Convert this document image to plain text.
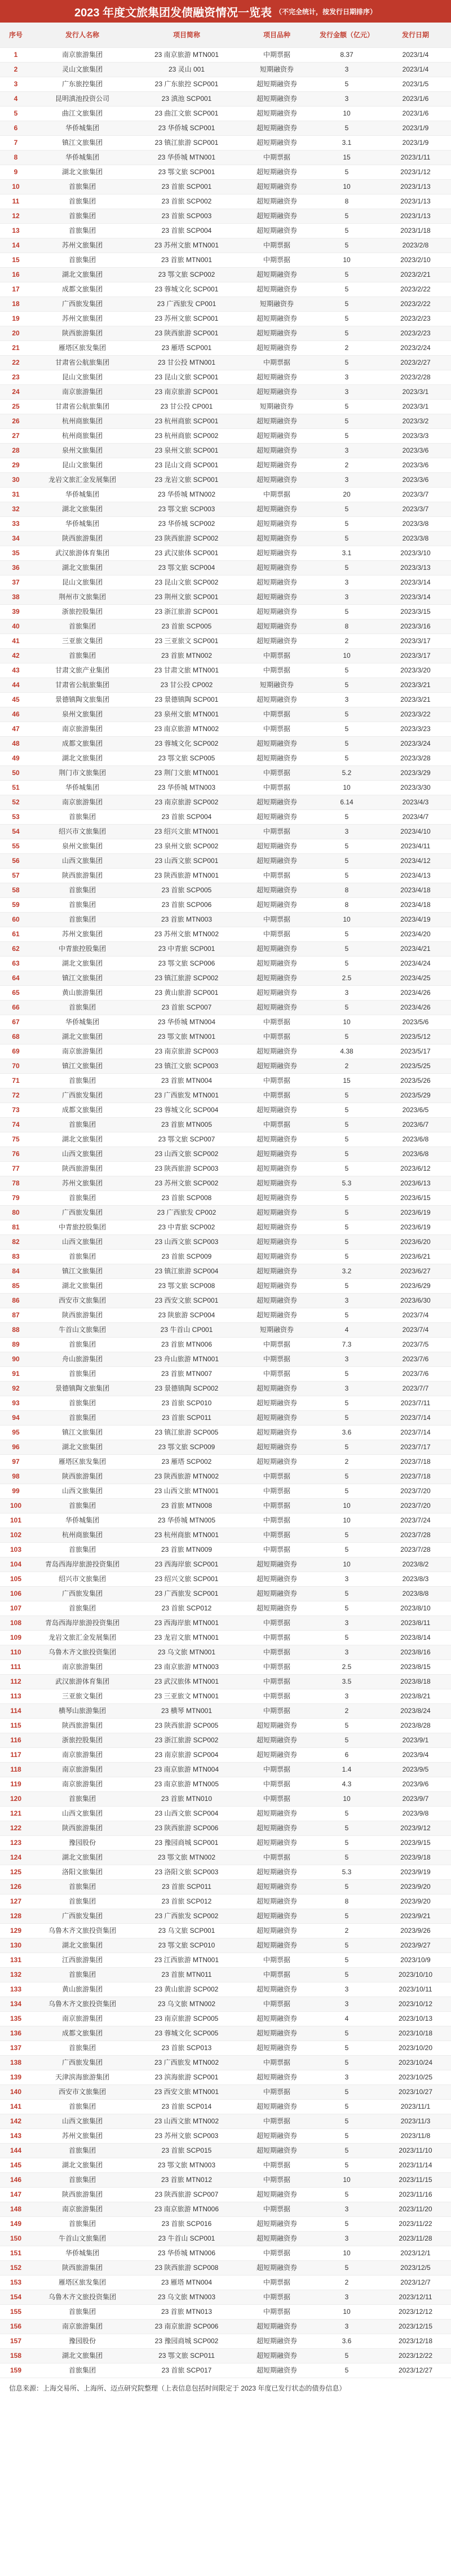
2023 年度文旅集团发债融资情况一览表 （不完全统计，按发行日期排序）
序号	发行人名称	项目简称	项目品种	发行金额（亿元）	发行日期
1	南京旅游集团	23 南京旅游 MTN001	中期票据	8.37	2023/1/4
2	灵山文旅集团	23 灵山 001	短期融资券	3	2023/1/4
3	广东旅控集团	23 广东旅控 SCP001	超短期融资券	5	2023/1/5
4	昆明滇池投资公司	23 滇池 SCP001	超短期融资券	3	2023/1/6
5	曲江文旅集团	23 曲江文旅 SCP001	超短期融资券	10	2023/1/6
6	华侨城集团	23 华侨城 SCP001	超短期融资券	5	2023/1/9
7	镇江文旅集团	23 镇江旅游 SCP001	超短期融资券	3.1	2023/1/9
8	华侨城集团	23 华侨城 MTN001	中期票据	15	2023/1/11
9	湖北文旅集团	23 鄂文旅 SCP001	超短期融资券	5	2023/1/12
10	首旅集团	23 首旅 SCP001	超短期融资券	10	2023/1/13
11	首旅集团	23 首旅 SCP002	超短期融资券	8	2023/1/13
12	首旅集团	23 首旅 SCP003	超短期融资券	5	2023/1/13
13	首旅集团	23 首旅 SCP004	超短期融资券	5	2023/1/18
14	苏州文旅集团	23 苏州文旅 MTN001	中期票据	5	2023/2/8
15	首旅集团	23 首旅 MTN001	中期票据	10	2023/2/10
16	湖北文旅集团	23 鄂文旅 SCP002	超短期融资券	5	2023/2/21
17	成都文旅集团	23 蓉城文化 SCP001	超短期融资券	5	2023/2/22
18	广西旅发集团	23 广西旅发 CP001	短期融资券	5	2023/2/22
19	苏州文旅集团	23 苏州文旅 SCP001	超短期融资券	5	2023/2/23
20	陕西旅游集团	23 陕西旅游 SCP001	超短期融资券	5	2023/2/23
21	雁塔区旅发集团	23 雁塔 SCP001	超短期融资券	2	2023/2/24
22	甘肃省公航旅集团	23 甘公投 MTN001	中期票据	5	2023/2/27
23	昆山文旅集团	23 昆山文旅 SCP001	超短期融资券	3	2023/2/28
24	南京旅游集团	23 南京旅游 SCP001	超短期融资券	3	2023/3/1
25	甘肃省公航旅集团	23 甘公投 CP001	短期融资券	5	2023/3/1
26	杭州商旅集团	23 杭州商旅 SCP001	超短期融资券	5	2023/3/2
27	杭州商旅集团	23 杭州商旅 SCP002	超短期融资券	5	2023/3/3
28	泉州文旅集团	23 泉州文旅 SCP001	超短期融资券	3	2023/3/6
29	昆山文旅集团	23 昆山文商 SCP001	超短期融资券	2	2023/3/6
30	龙岩文旅汇金发展集团	23 龙岩文旅 SCP001	超短期融资券	3	2023/3/6
31	华侨城集团	23 华侨城 MTN002	中期票据	20	2023/3/7
32	湖北文旅集团	23 鄂文旅 SCP003	超短期融资券	5	2023/3/7
33	华侨城集团	23 华侨城 SCP002	超短期融资券	5	2023/3/8
34	陕西旅游集团	23 陕西旅游 SCP002	超短期融资券	5	2023/3/8
35	武汉旅游体育集团	23 武汉旅体 SCP001	超短期融资券	3.1	2023/3/10
36	湖北文旅集团	23 鄂文旅 SCP004	超短期融资券	5	2023/3/13
37	昆山文旅集团	23 昆山文旅 SCP002	超短期融资券	3	2023/3/14
38	荆州市文旅集团	23 荆州文旅 SCP001	超短期融资券	3	2023/3/14
39	浙旅控股集团	23 浙江旅游 SCP001	超短期融资券	5	2023/3/15
40	首旅集团	23 首旅 SCP005	超短期融资券	8	2023/3/16
41	三亚旅文集团	23 三亚旅文 SCP001	超短期融资券	2	2023/3/17
42	首旅集团	23 首旅 MTN002	中期票据	10	2023/3/17
43	甘肃文旅产业集团	23 甘肃文旅 MTN001	中期票据	5	2023/3/20
44	甘肃省公航旅集团	23 甘公投 CP002	短期融资券	5	2023/3/21
45	景德镇陶文旅集团	23 景德镇陶 SCP001	超短期融资券	3	2023/3/21
46	泉州文旅集团	23 泉州文旅 MTN001	中期票据	5	2023/3/22
47	南京旅游集团	23 南京旅游 MTN002	中期票据	5	2023/3/23
48	成都文旅集团	23 蓉城文化 SCP002	超短期融资券	5	2023/3/24
49	湖北文旅集团	23 鄂文旅 SCP005	超短期融资券	5	2023/3/28
50	荆门市文旅集团	23 荆门文旅 MTN001	中期票据	5.2	2023/3/29
51	华侨城集团	23 华侨城 MTN003	中期票据	10	2023/3/30
52	南京旅游集团	23 南京旅游 SCP002	超短期融资券	6.14	2023/4/3
53	首旅集团	23 首旅 SCP004	超短期融资券	5	2023/4/7
54	绍兴市文旅集团	23 绍兴文旅 MTN001	中期票据	3	2023/4/10
55	泉州文旅集团	23 泉州文旅 SCP002	超短期融资券	5	2023/4/11
56	山西文旅集团	23 山西文旅 SCP001	超短期融资券	5	2023/4/12
57	陕西旅游集团	23 陕西旅游 MTN001	中期票据	5	2023/4/13
58	首旅集团	23 首旅 SCP005	超短期融资券	8	2023/4/18
59	首旅集团	23 首旅 SCP006	超短期融资券	8	2023/4/18
60	首旅集团	23 首旅 MTN003	中期票据	10	2023/4/19
61	苏州文旅集团	23 苏州文旅 MTN002	中期票据	5	2023/4/20
62	中青旅控股集团	23 中青旅 SCP001	超短期融资券	5	2023/4/21
63	湖北文旅集团	23 鄂文旅 SCP006	超短期融资券	5	2023/4/24
64	镇江文旅集团	23 镇江旅游 SCP002	超短期融资券	2.5	2023/4/25
65	黄山旅游集团	23 黄山旅游 SCP001	超短期融资券	3	2023/4/26
66	首旅集团	23 首旅 SCP007	超短期融资券	5	2023/4/26
67	华侨城集团	23 华侨城 MTN004	中期票据	10	2023/5/6
68	湖北文旅集团	23 鄂文旅 MTN001	中期票据	5	2023/5/12
69	南京旅游集团	23 南京旅游 SCP003	超短期融资券	4.38	2023/5/17
70	镇江文旅集团	23 镇江文旅 SCP003	超短期融资券	2	2023/5/25
71	首旅集团	23 首旅 MTN004	中期票据	15	2023/5/26
72	广西旅发集团	23 广西旅发 MTN001	中期票据	5	2023/5/29
73	成都文旅集团	23 蓉城文化 SCP004	超短期融资券	5	2023/6/5
74	首旅集团	23 首旅 MTN005	中期票据	5	2023/6/7
75	湖北文旅集团	23 鄂文旅 SCP007	超短期融资券	5	2023/6/8
76	山西文旅集团	23 山西文旅 SCP002	超短期融资券	5	2023/6/8
77	陕西旅游集团	23 陕西旅游 SCP003	超短期融资券	5	2023/6/12
78	苏州文旅集团	23 苏州文旅 SCP002	超短期融资券	5.3	2023/6/13
79	首旅集团	23 首旅 SCP008	超短期融资券	5	2023/6/15
80	广西旅发集团	23 广西旅发 CP002	超短期融资券	5	2023/6/19
81	中青旅控股集团	23 中青旅 SCP002	超短期融资券	5	2023/6/19
82	山西文旅集团	23 山西文旅 SCP003	超短期融资券	5	2023/6/20
83	首旅集团	23 首旅 SCP009	超短期融资券	5	2023/6/21
84	镇江文旅集团	23 镇江旅游 SCP004	超短期融资券	3.2	2023/6/27
85	湖北文旅集团	23 鄂文旅 SCP008	超短期融资券	5	2023/6/29
86	西安市文旅集团	23 西安文旅 SCP001	超短期融资券	3	2023/6/30
87	陕西旅游集团	23 陕旅游 SCP004	超短期融资券	5	2023/7/4
88	牛首山文旅集团	23 牛首山 CP001	短期融资券	4	2023/7/4
89	首旅集团	23 首旅 MTN006	中期票据	7.3	2023/7/5
90	舟山旅游集团	23 舟山旅游 MTN001	中期票据	3	2023/7/6
91	首旅集团	23 首旅 MTN007	中期票据	5	2023/7/6
92	景德镇陶文旅集团	23 景德镇陶 SCP002	超短期融资券	3	2023/7/7
93	首旅集团	23 首旅 SCP010	超短期融资券	5	2023/7/11
94	首旅集团	23 首旅 SCP011	超短期融资券	5	2023/7/14
95	镇江文旅集团	23 镇江旅游 SCP005	超短期融资券	3.6	2023/7/14
96	湖北文旅集团	23 鄂文旅 SCP009	超短期融资券	5	2023/7/17
97	雁塔区旅发集团	23 雁塔 SCP002	超短期融资券	2	2023/7/18
98	陕西旅游集团	23 陕西旅游 MTN002	中期票据	5	2023/7/18
99	山西文旅集团	23 山西文旅 MTN001	中期票据	5	2023/7/20
100	首旅集团	23 首旅 MTN008	中期票据	10	2023/7/20
101	华侨城集团	23 华侨城 MTN005	中期票据	10	2023/7/24
102	杭州商旅集团	23 杭州商旅 MTN001	中期票据	5	2023/7/28
103	首旅集团	23 首旅 MTN009	中期票据	5	2023/7/28
104	青岛西海岸旅游投资集团	23 西海岸旅 SCP001	超短期融资券	10	2023/8/2
105	绍兴市文旅集团	23 绍兴文旅 SCP001	超短期融资券	3	2023/8/3
106	广西旅发集团	23 广西旅发 SCP001	超短期融资券	5	2023/8/8
107	首旅集团	23 首旅 SCP012	超短期融资券	5	2023/8/10
108	青岛西海岸旅游投资集团	23 西海岸旅 MTN001	中期票据	3	2023/8/11
109	龙岩文旅汇金发展集团	23 龙岩文旅 MTN001	中期票据	5	2023/8/14
110	乌鲁木齐文旅投资集团	23 乌文旅 MTN001	中期票据	3	2023/8/16
111	南京旅游集团	23 南京旅游 MTN003	中期票据	2.5	2023/8/15
112	武汉旅游体育集团	23 武汉旅体 MTN001	中期票据	3.5	2023/8/18
113	三亚旅文集团	23 三亚旅文 MTN001	中期票据	3	2023/8/21
114	横琴山旅游集团	23 横琴 MTN001	中期票据	2	2023/8/24
115	陕西旅游集团	23 陕西旅游 SCP005	超短期融资券	5	2023/8/28
116	浙旅控股集团	23 浙江旅游 SCP002	超短期融资券	5	2023/9/1
117	南京旅游集团	23 南京旅游 SCP004	超短期融资券	6	2023/9/4
118	南京旅游集团	23 南京旅游 MTN004	中期票据	1.4	2023/9/5
119	南京旅游集团	23 南京旅游 MTN005	中期票据	4.3	2023/9/6
120	首旅集团	23 首旅 MTN010	中期票据	10	2023/9/7
121	山西文旅集团	23 山西文旅 SCP004	超短期融资券	5	2023/9/8
122	陕西旅游集团	23 陕西旅游 SCP006	超短期融资券	5	2023/9/12
123	豫园股份	23 豫园商城 SCP001	超短期融资券	5	2023/9/15
124	湖北文旅集团	23 鄂文旅 MTN002	中期票据	5	2023/9/18
125	洛阳文旅集团	23 洛阳文旅 SCP003	超短期融资券	5.3	2023/9/19
126	首旅集团	23 首旅 SCP011	超短期融资券	5	2023/9/20
127	首旅集团	23 首旅 SCP012	超短期融资券	8	2023/9/20
128	广西旅发集团	23 广西旅发 SCP002	超短期融资券	5	2023/9/21
129	乌鲁木齐文旅投资集团	23 乌文旅 SCP001	超短期融资券	2	2023/9/26
130	湖北文旅集团	23 鄂文旅 SCP010	超短期融资券	5	2023/9/27
131	江西旅游集团	23 江西旅游 MTN001	中期票据	5	2023/10/9
132	首旅集团	23 首旅 MTN011	中期票据	5	2023/10/10
133	黄山旅游集团	23 黄山旅游 SCP002	超短期融资券	3	2023/10/11
134	乌鲁木齐文旅投资集团	23 乌文旅 MTN002	中期票据	3	2023/10/12
135	南京旅游集团	23 南京旅游 SCP005	超短期融资券	4	2023/10/13
136	成都文旅集团	23 蓉城文化 SCP005	超短期融资券	5	2023/10/18
137	首旅集团	23 首旅 SCP013	超短期融资券	5	2023/10/20
138	广西旅发集团	23 广西旅发 MTN002	中期票据	5	2023/10/24
139	天津滨海旅游集团	23 滨海旅游 SCP001	超短期融资券	3	2023/10/25
140	西安市文旅集团	23 西安文旅 MTN001	中期票据	5	2023/10/27
141	首旅集团	23 首旅 SCP014	超短期融资券	5	2023/11/1
142	山西文旅集团	23 山西文旅 MTN002	中期票据	5	2023/11/3
143	苏州文旅集团	23 苏州文旅 SCP003	超短期融资券	5	2023/11/8
144	首旅集团	23 首旅 SCP015	超短期融资券	5	2023/11/10
145	湖北文旅集团	23 鄂文旅 MTN003	中期票据	5	2023/11/14
146	首旅集团	23 首旅 MTN012	中期票据	10	2023/11/15
147	陕西旅游集团	23 陕西旅游 SCP007	超短期融资券	5	2023/11/16
148	南京旅游集团	23 南京旅游 MTN006	中期票据	3	2023/11/20
149	首旅集团	23 首旅 SCP016	超短期融资券	5	2023/11/22
150	牛首山文旅集团	23 牛首山 SCP001	超短期融资券	3	2023/11/28
151	华侨城集团	23 华侨城 MTN006	中期票据	10	2023/12/1
152	陕西旅游集团	23 陕西旅游 SCP008	超短期融资券	5	2023/12/5
153	雁塔区旅发集团	23 雁塔 MTN004	中期票据	2	2023/12/7
154	乌鲁木齐文旅投资集团	23 乌文旅 MTN003	中期票据	3	2023/12/11
155	首旅集团	23 首旅 MTN013	中期票据	10	2023/12/12
156	南京旅游集团	23 南京旅游 SCP006	超短期融资券	3	2023/12/15
157	豫园股份	23 豫园商城 SCP002	超短期融资券	3.6	2023/12/18
158	湖北文旅集团	23 鄂文旅 SCP011	超短期融资券	5	2023/12/22
159	首旅集团	23 首旅 SCP017	超短期融资券	5	2023/12/27
信息来源：上海交易所、上海所、迈点研究院整理（上表信息包括时间限定于 2023 年度已发行状态的债券信息）
